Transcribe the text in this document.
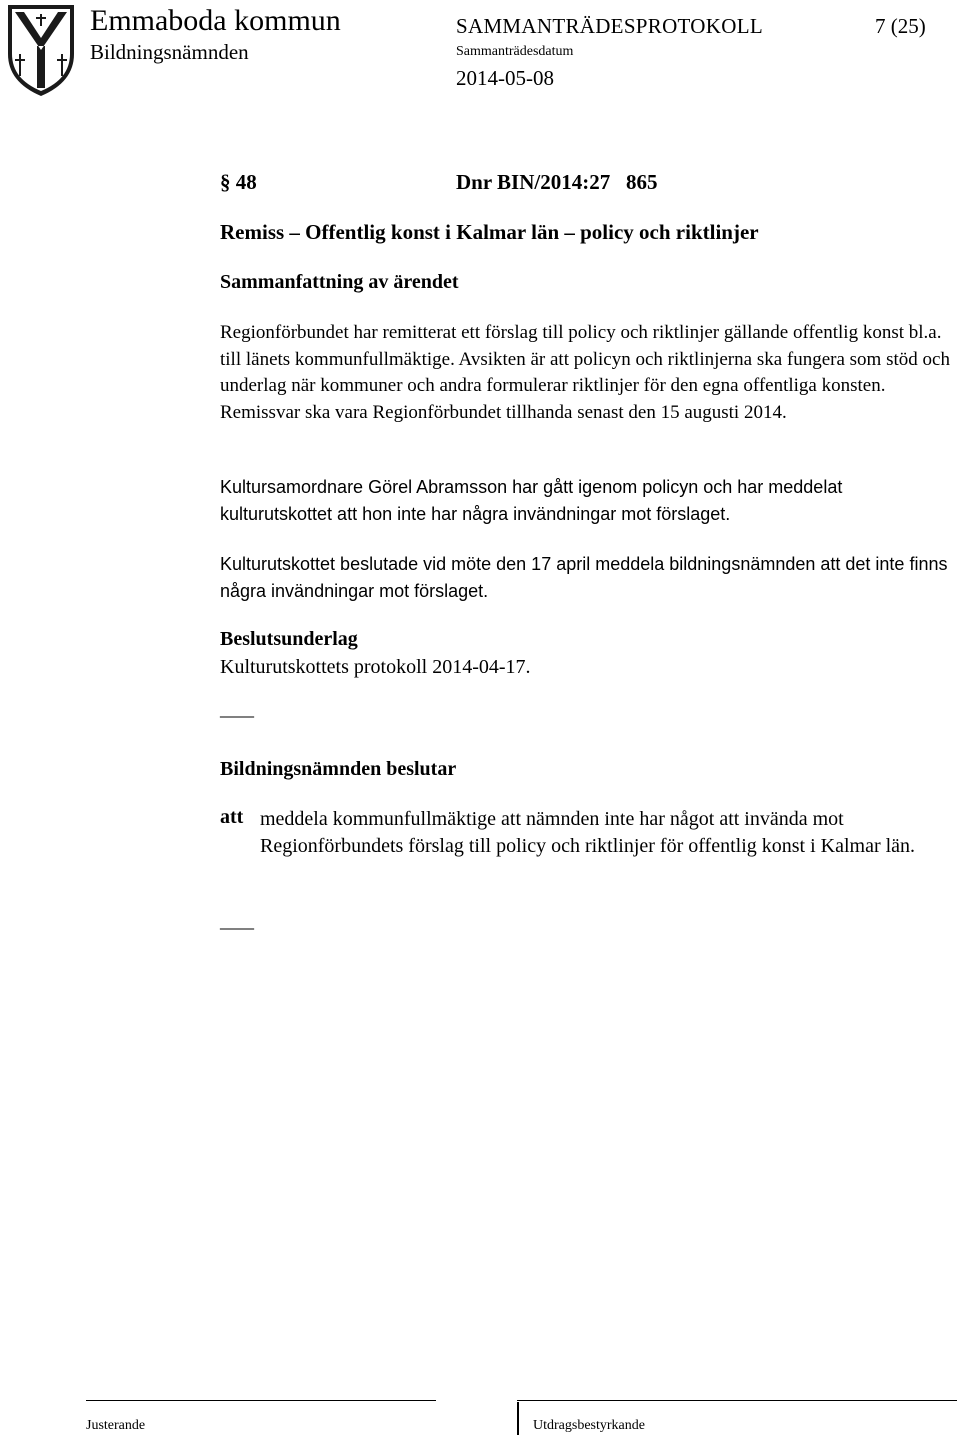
Emmaboda kommun
Bildningsnämnden
SAMMANTRÄDESPROTOKOLL	7 (25)
Sammanträdesdatum
2014-05-08
§ 48	Dnr BIN/2014:27   865
Remiss – Offentlig konst i Kalmar län – policy och riktlinjer
Sammanfattning av ärendet
Regionförbundet har remitterat ett förslag till policy och riktlinjer gällande offentlig konst bl.a. till länets kommunfullmäktige. Avsikten är att policyn och riktlinjerna ska fungera som stöd och underlag när kommuner och andra formulerar riktlinjer för den egna offentliga konsten. Remissvar ska vara Regionförbundet tillhanda senast den 15 augusti 2014.
Kultursamordnare Görel Abramsson har gått igenom policyn och har meddelat kulturutskottet att hon inte har några invändningar mot förslaget.
Kulturutskottet beslutade vid möte den 17 april meddela bildningsnämnden att det inte finns några invändningar mot förslaget.
Beslutsunderlag
Kulturutskottets protokoll 2014-04-17.
____
Bildningsnämnden beslutar
att meddela kommunfullmäktige att nämnden inte har något att invända mot Regionförbundets förslag till policy och riktlinjer för offentlig konst i Kalmar län.
____
Justerande	Utdragsbestyrkande
